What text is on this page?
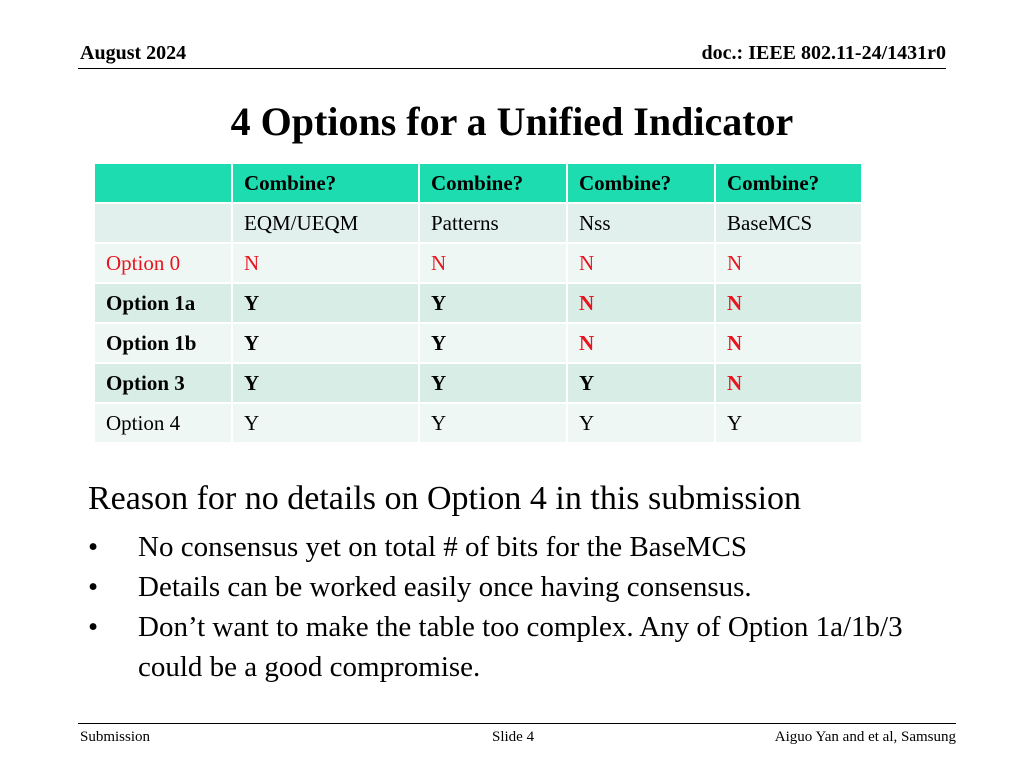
August 2024	doc.: IEEE 802.11-24/1431r0
4 Options for a Unified Indicator
	Combine?	Combine?	Combine?	Combine?
	EQM/UEQM	Patterns	Nss	BaseMCS
Option 0	N	N	N	N
Option 1a	Y	Y	N	N
Option 1b	Y	Y	N	N
Option 3	Y	Y	Y	N
Option 4	Y	Y	Y	Y
Reason for no details on Option 4 in this submission
• No consensus yet on total # of bits for the BaseMCS
• Details can be worked easily once having consensus.
• Don’t want to make the table too complex. Any of Option 1a/1b/3 could be a good compromise.
Submission	Slide 4	Aiguo Yan and et al, Samsung
